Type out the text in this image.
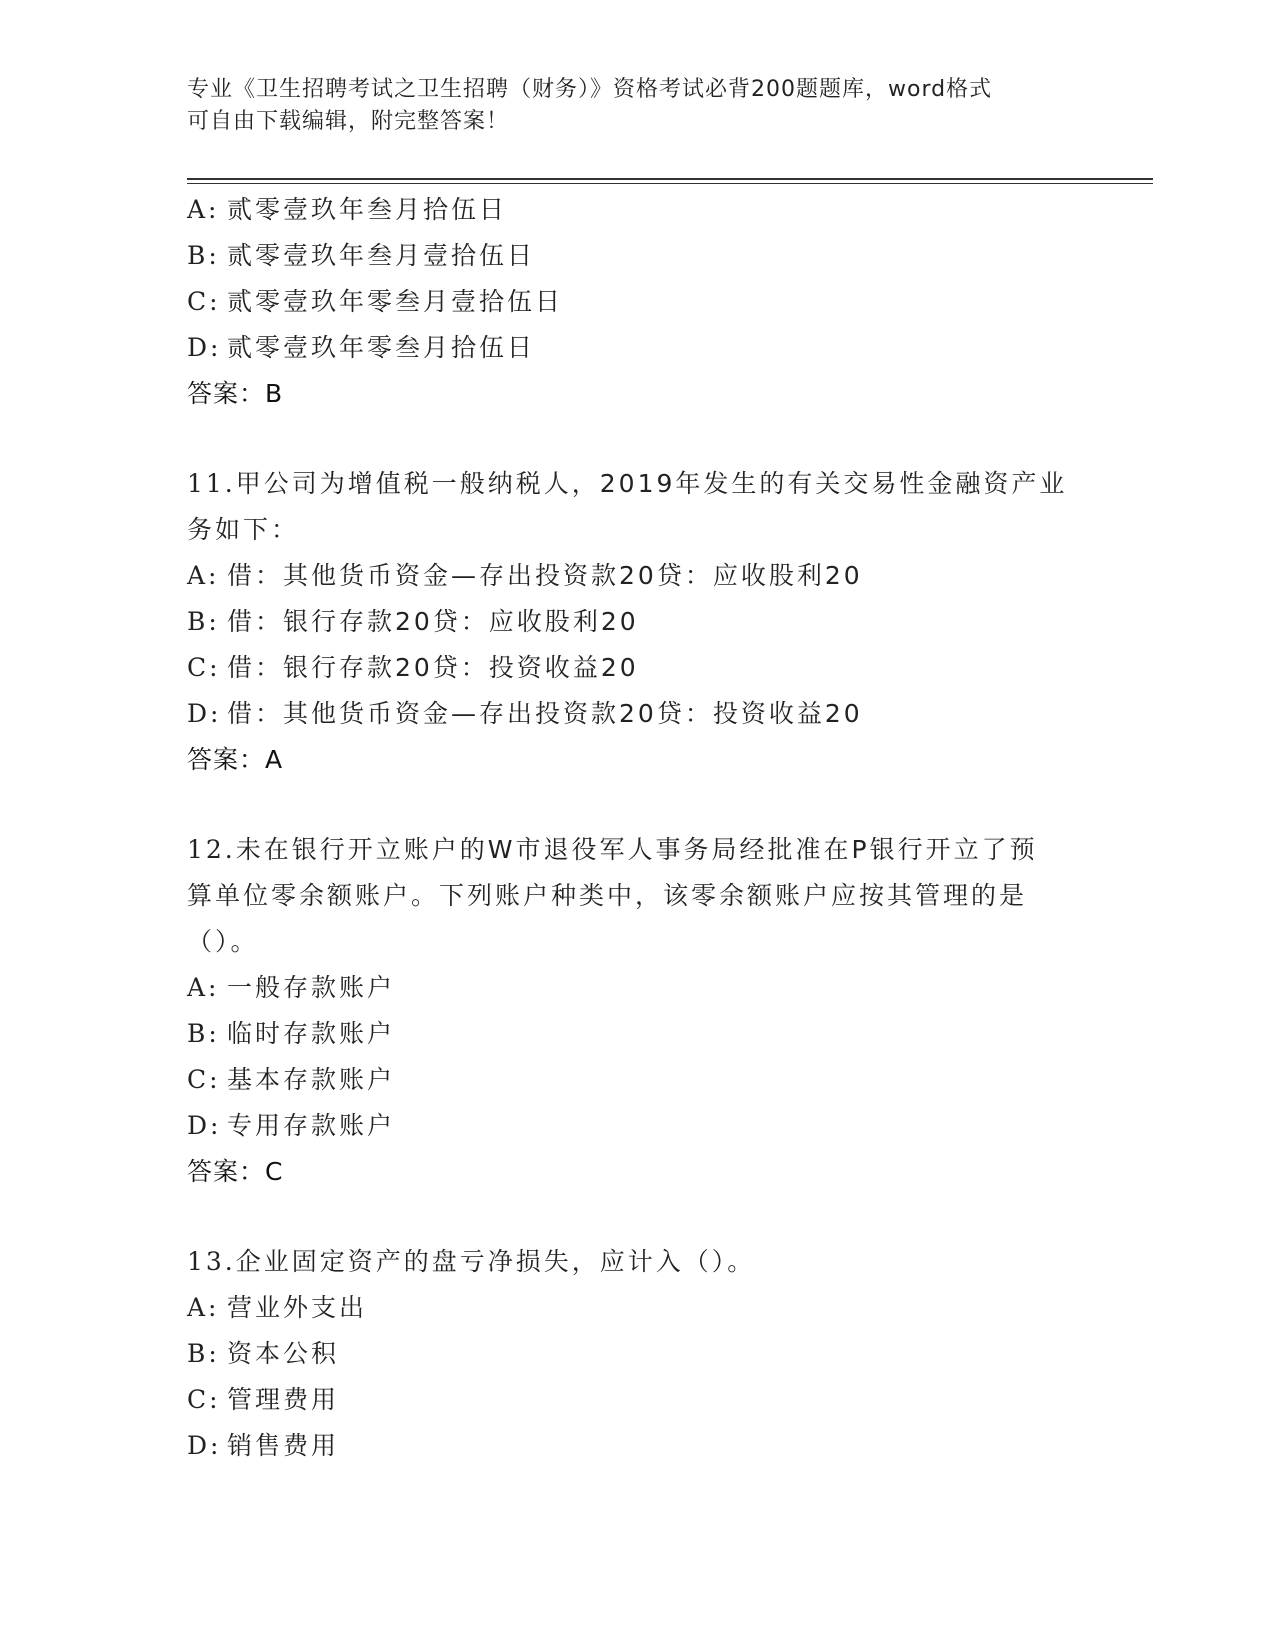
专业《卫生招聘考试之卫生招聘（财务）》资格考试必背200题题库，word格式
可自由下载编辑，附完整答案！
A: 贰零壹玖年叁月拾伍日
B: 贰零壹玖年叁月壹拾伍日
C: 贰零壹玖年零叁月壹拾伍日
D: 贰零壹玖年零叁月拾伍日
答案：B
11.甲公司为增值税一般纳税人，2019年发生的有关交易性金融资产业
务如下：
A: 借：其他货币资金—存出投资款20贷：应收股利20
B: 借：银行存款20贷：应收股利20
C: 借：银行存款20贷：投资收益20
D: 借：其他货币资金—存出投资款20贷：投资收益20
答案：A
12.未在银行开立账户的W市退役军人事务局经批准在P银行开立了预
算单位零余额账户。下列账户种类中，该零余额账户应按其管理的是
（）。
A: 一般存款账户
B: 临时存款账户
C: 基本存款账户
D: 专用存款账户
答案：C
13.企业固定资产的盘亏净损失，应计入（）。
A: 营业外支出
B: 资本公积
C: 管理费用
D: 销售费用
